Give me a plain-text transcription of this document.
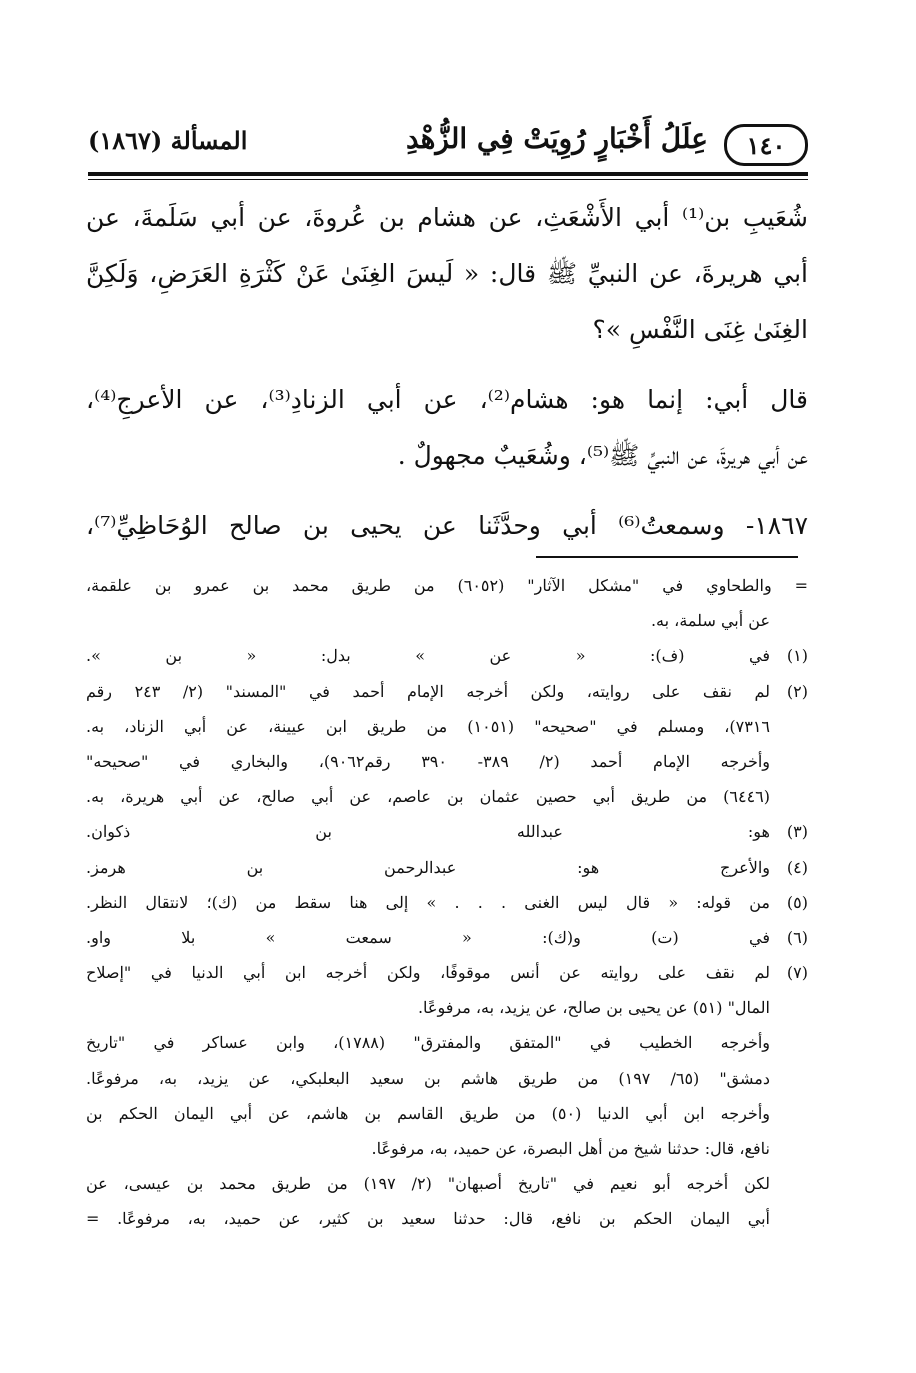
١٤٠
عِلَلُ أَخْبَارٍ رُوِيَتْ فِي الزُّهْدِ
المسألة (١٨٦٧)
شُعَيبِ بن⁽¹⁾ أبي الأَشْعَثِ، عن هشام بن عُروةَ، عن أبي سَلَمةَ، عن
أبي هريرةَ، عن النبيِّ ﷺ قال: « لَيسَ الغِنَىٰ عَنْ كَثْرَةِ العَرَضِ، وَلَكِنَّ
الغِنَىٰ غِنَى النَّفْسِ »؟
قال أبي: إنما هو: هشام⁽²⁾، عن أبي الزنادِ⁽³⁾، عن الأعرجِ⁽⁴⁾،
عن أبي هريرةَ، عن النبيِّ ﷺ⁽⁵⁾، وشُعَيبٌ مجهولٌ .
١٨٦٧- وسمعتُ⁽⁶⁾ أبي وحدَّثَنا عن يحيى بن صالح الوُحَاظِيِّ⁽⁷⁾،
= والطحاوي في "مشكل الآثار" (٦٠٥٢) من طريق محمد بن عمرو بن علقمة،
عن أبي سلمة، به.
(١)
في (ف): « عن » بدل: « بن ».
(٢)
لم نقف على روايته، ولكن أخرجه الإمام أحمد في "المسند" (٢/ ٢٤٣ رقم
٧٣١٦)، ومسلم في "صحيحه" (١٠٥١) من طريق ابن عيينة، عن أبي الزناد، به.
وأخرجه الإمام أحمد (٢/ ٣٨٩- ٣٩٠ رقم٩٠٦٢)، والبخاري في "صحيحه"
(٦٤٤٦) من طريق أبي حصين عثمان بن عاصم، عن أبي صالح، عن أبي هريرة، به.
(٣)
هو: عبدالله بن ذكوان.
(٤)
والأعرج هو: عبدالرحمن بن هرمز.
(٥)
من قوله: « قال ليس الغنى . . . » إلى هنا سقط من (ك)؛ لانتقال النظر.
(٦)
في (ت) و(ك): « سمعت » بلا واو.
(٧)
لم نقف على روايته عن أنس موقوفًا، ولكن أخرجه ابن أبي الدنيا في "إصلاح
المال" (٥١) عن يحيى بن صالح، عن يزيد، به، مرفوعًا.
وأخرجه الخطيب في "المتفق والمفترق" (١٧٨٨)، وابن عساكر في "تاريخ
دمشق" (٦٥/ ١٩٧) من طريق هاشم بن سعيد البعلبكي، عن يزيد، به، مرفوعًا.
وأخرجه ابن أبي الدنيا (٥٠) من طريق القاسم بن هاشم، عن أبي اليمان الحكم بن
نافع، قال: حدثنا شيخ من أهل البصرة، عن حميد، به، مرفوعًا.
لكن أخرجه أبو نعيم في "تاريخ أصبهان" (٢/ ١٩٧) من طريق محمد بن عيسى، عن
أبي اليمان الحكم بن نافع، قال: حدثنا سعيد بن كثير، عن حميد، به، مرفوعًا. =
